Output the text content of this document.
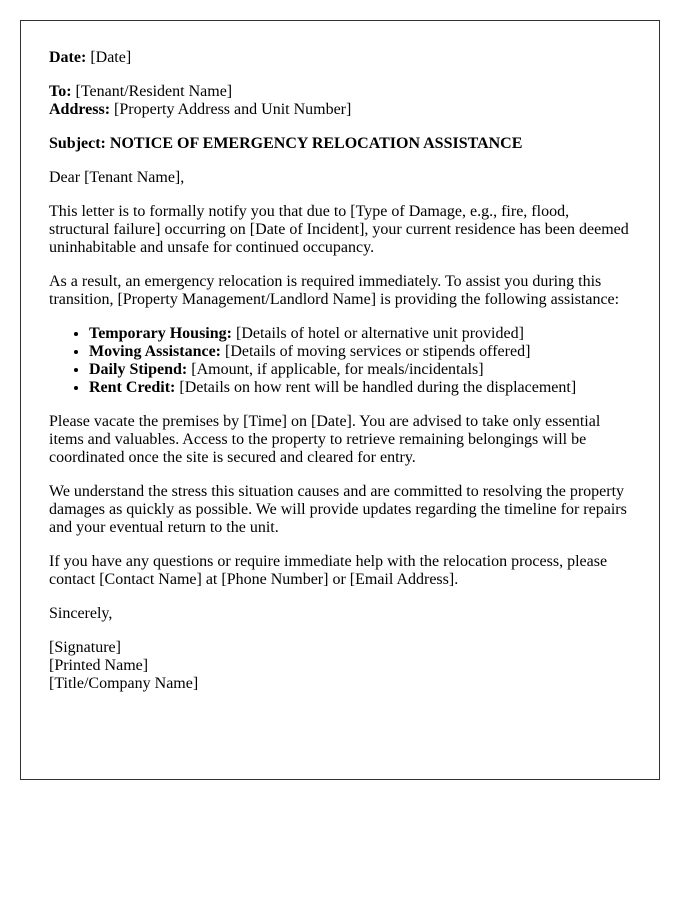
Date: [Date]

To: [Tenant/Resident Name]
Address: [Property Address and Unit Number]

Subject: NOTICE OF EMERGENCY RELOCATION ASSISTANCE

Dear [Tenant Name],

This letter is to formally notify you that due to [Type of Damage, e.g., fire, flood, structural failure] occurring on [Date of Incident], your current residence has been deemed uninhabitable and unsafe for continued occupancy.

As a result, an emergency relocation is required immediately. To assist you during this transition, [Property Management/Landlord Name] is providing the following assistance:

• Temporary Housing: [Details of hotel or alternative unit provided]
• Moving Assistance: [Details of moving services or stipends offered]
• Daily Stipend: [Amount, if applicable, for meals/incidentals]
• Rent Credit: [Details on how rent will be handled during the displacement]

Please vacate the premises by [Time] on [Date]. You are advised to take only essential items and valuables. Access to the property to retrieve remaining belongings will be coordinated once the site is secured and cleared for entry.

We understand the stress this situation causes and are committed to resolving the property damages as quickly as possible. We will provide updates regarding the timeline for repairs and your eventual return to the unit.

If you have any questions or require immediate help with the relocation process, please contact [Contact Name] at [Phone Number] or [Email Address].

Sincerely,

[Signature]
[Printed Name]
[Title/Company Name]
